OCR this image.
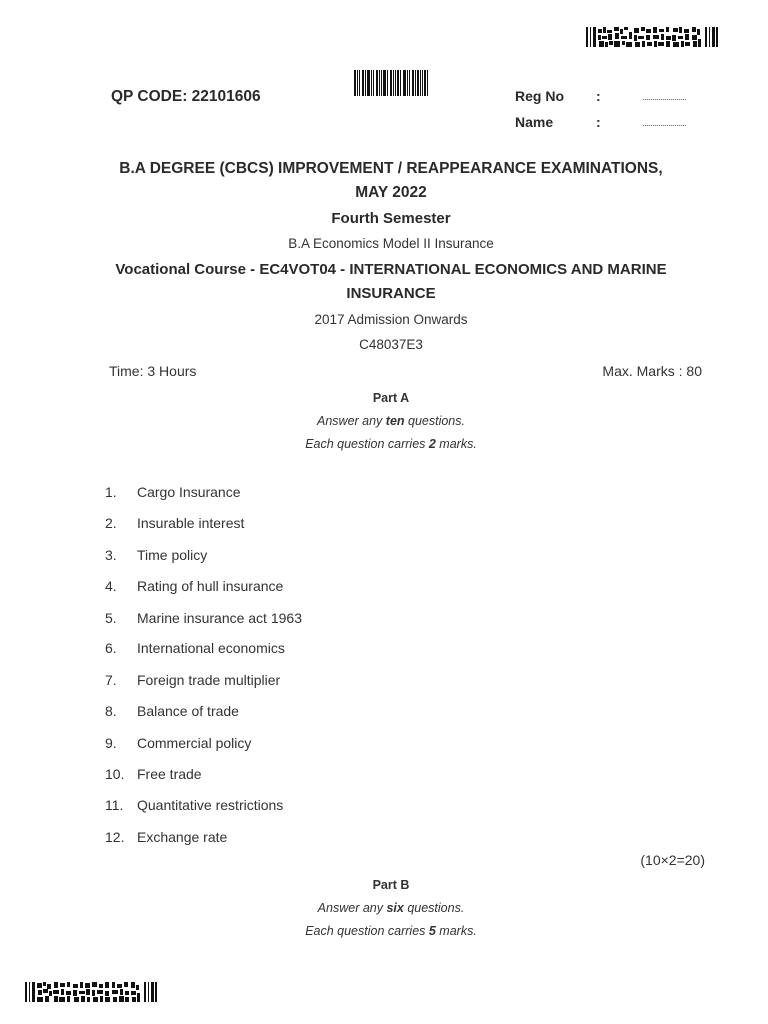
QP CODE: 22101606	Reg No :	......................
Name	:	......................
B.A DEGREE (CBCS) IMPROVEMENT / REAPPEARANCE EXAMINATIONS,
MAY 2022
Fourth Semester
B.A Economics Model II Insurance
Vocational Course - EC4VOT04 - INTERNATIONAL ECONOMICS AND MARINE
INSURANCE
2017 Admission Onwards
C48037E3
Time: 3 Hours	Max. Marks : 80
Part A
Answer any ten questions.
Each question carries 2 marks.
1. Cargo Insurance
2. Insurable interest
3. Time policy
4. Rating of hull insurance
5. Marine insurance act 1963
6. International economics
7. Foreign trade multiplier
8. Balance of trade
9. Commercial policy
10. Free trade
11. Quantitative restrictions
12. Exchange rate
(10×2=20)
Part B
Answer any six questions.
Each question carries 5 marks.
